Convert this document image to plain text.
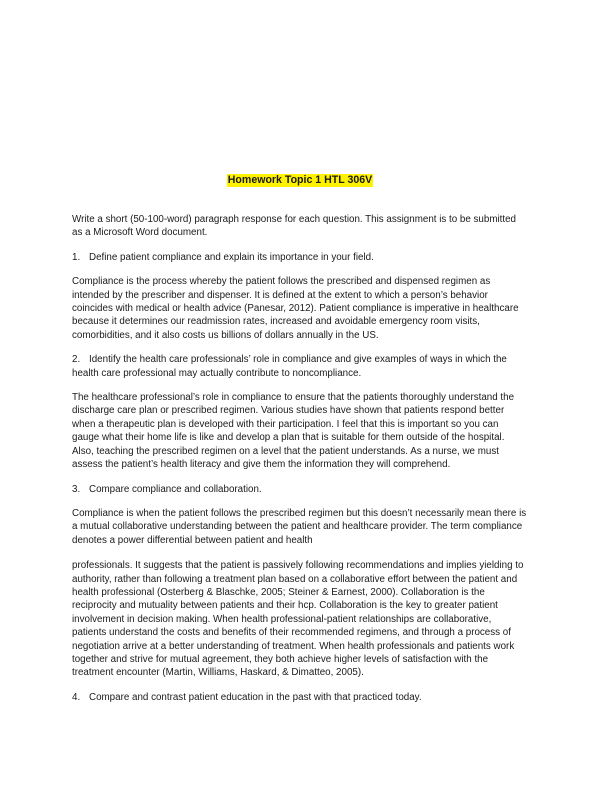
Homework Topic 1 HTL 306V

Write a short (50-100-word) paragraph response for each question. This assignment is to be submitted as a Microsoft Word document.

1. Define patient compliance and explain its importance in your field.

Compliance is the process whereby the patient follows the prescribed and dispensed regimen as intended by the prescriber and dispenser. It is defined at the extent to which a person’s behavior coincides with medical or health advice (Panesar, 2012). Patient compliance is imperative in healthcare because it determines our readmission rates, increased and avoidable emergency room visits, comorbidities, and it also costs us billions of dollars annually in the US.

2. Identify the health care professionals’ role in compliance and give examples of ways in which the health care professional may actually contribute to noncompliance.

The healthcare professional’s role in compliance to ensure that the patients thoroughly understand the discharge care plan or prescribed regimen. Various studies have shown that patients respond better when a therapeutic plan is developed with their participation. I feel that this is important so you can gauge what their home life is like and develop a plan that is suitable for them outside of the hospital. Also, teaching the prescribed regimen on a level that the patient understands. As a nurse, we must assess the patient’s health literacy and give them the information they will comprehend.

3. Compare compliance and collaboration.

Compliance is when the patient follows the prescribed regimen but this doesn’t necessarily mean there is a mutual collaborative understanding between the patient and healthcare provider. The term compliance denotes a power differential between patient and health

professionals. It suggests that the patient is passively following recommendations and implies yielding to authority, rather than following a treatment plan based on a collaborative effort between the patient and health professional (Osterberg & Blaschke, 2005; Steiner & Earnest, 2000). Collaboration is the reciprocity and mutuality between patients and their hcp. Collaboration is the key to greater patient involvement in decision making. When health professional-patient relationships are collaborative, patients understand the costs and benefits of their recommended regimens, and through a process of negotiation arrive at a better understanding of treatment. When health professionals and patients work together and strive for mutual agreement, they both achieve higher levels of satisfaction with the treatment encounter (Martin, Williams, Haskard, & Dimatteo, 2005).

4. Compare and contrast patient education in the past with that practiced today.
